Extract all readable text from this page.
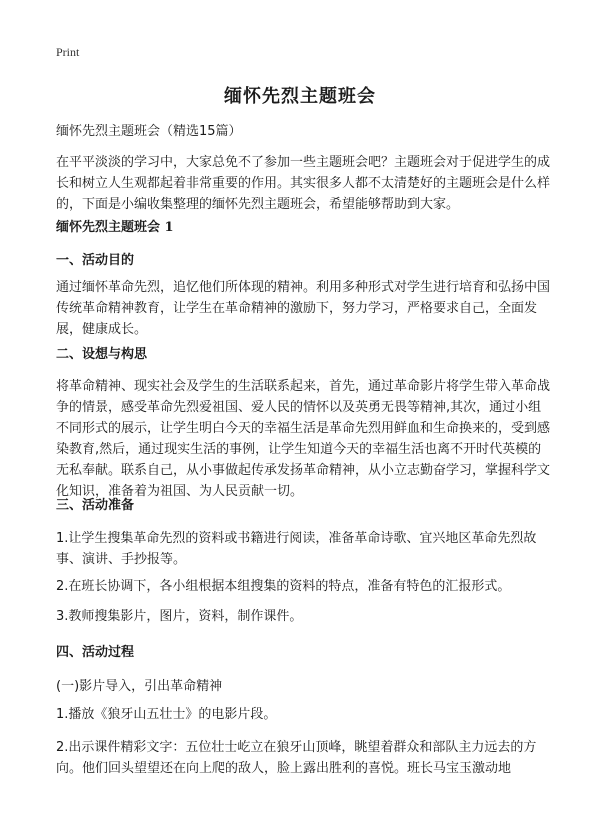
Print
缅怀先烈主题班会
缅怀先烈主题班会（精选15篇）
在平平淡淡的学习中，大家总免不了参加一些主题班会吧？主题班会对于促进学生的成长和树立人生观都起着非常重要的作用。其实很多人都不太清楚好的主题班会是什么样的，下面是小编收集整理的缅怀先烈主题班会，希望能够帮助到大家。
缅怀先烈主题班会 1
一、活动目的
通过缅怀革命先烈，追忆他们所体现的精神。利用多种形式对学生进行培育和弘扬中国传统革命精神教育，让学生在革命精神的激励下，努力学习，严格要求自己，全面发展，健康成长。
二、设想与构思
将革命精神、现实社会及学生的生活联系起来，首先，通过革命影片将学生带入革命战争的情景，感受革命先烈爱祖国、爱人民的情怀以及英勇无畏等精神,其次，通过小组不同形式的展示，让学生明白今天的幸福生活是革命先烈用鲜血和生命换来的，受到感染教育,然后，通过现实生活的事例，让学生知道今天的幸福生活也离不开时代英模的无私奉献。联系自己，从小事做起传承发扬革命精神，从小立志勤奋学习，掌握科学文化知识，准备着为祖国、为人民贡献一切。
三、活动准备
1.让学生搜集革命先烈的资料或书籍进行阅读，准备革命诗歌、宜兴地区革命先烈故事、演讲、手抄报等。
2.在班长协调下，各小组根据本组搜集的资料的特点，准备有特色的汇报形式。
3.教师搜集影片，图片，资料，制作课件。
四、活动过程
(一)影片导入，引出革命精神
1.播放《狼牙山五壮士》的电影片段。
2.出示课件精彩文字：五位壮士屹立在狼牙山顶峰，眺望着群众和部队主力远去的方向。他们回头望望还在向上爬的敌人，脸上露出胜利的喜悦。班长马宝玉激动地
